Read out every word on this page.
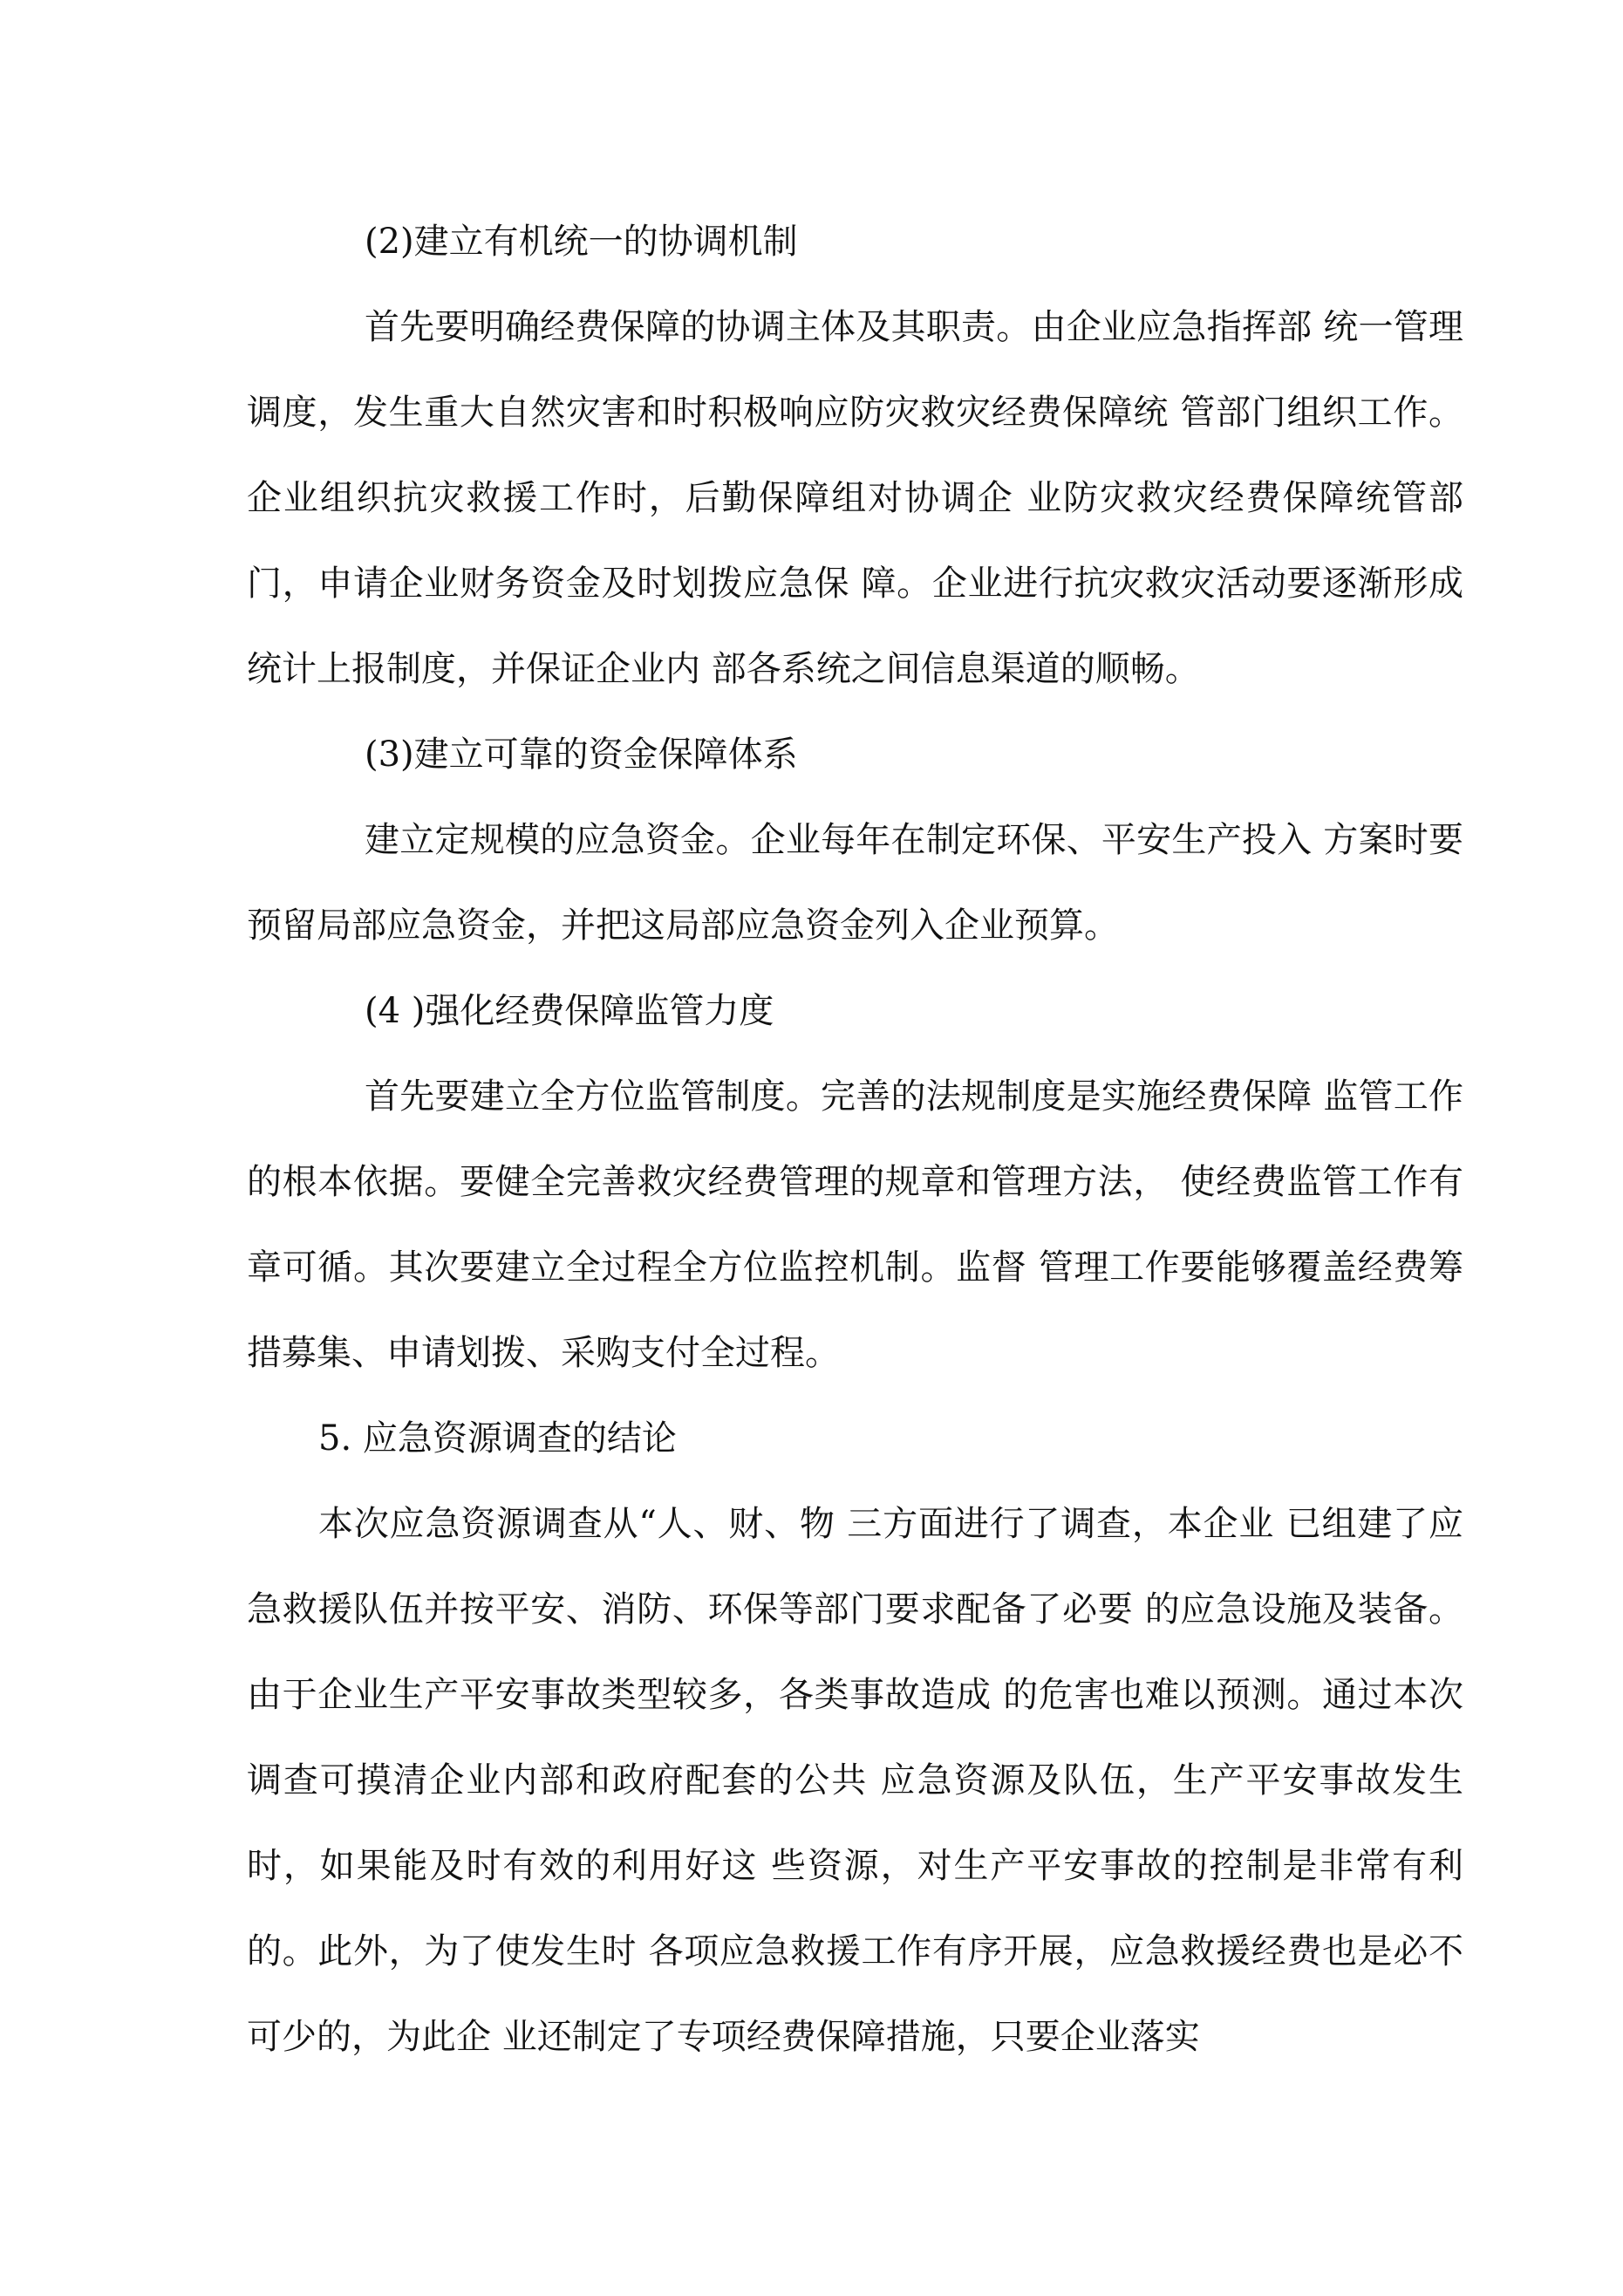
(2)建立有机统一的协调机制

首先要明确经费保障的协调主体及其职责。由企业应急指挥部 统一管理调度，发生重大自然灾害和时积极响应防灾救灾经费保障统 管部门组织工作。企业组织抗灾救援工作时，后勤保障组对协调企 业防灾救灾经费保障统管部门，申请企业财务资金及时划拨应急保 障。企业进行抗灾救灾活动要逐渐形成统计上报制度，并保证企业内 部各系统之间信息渠道的顺畅。

(3)建立可靠的资金保障体系

建立定规模的应急资金。企业每年在制定环保、平安生产投入 方案时要预留局部应急资金，并把这局部应急资金列入企业预算。

(4 )强化经费保障监管力度

首先要建立全方位监管制度。完善的法规制度是实施经费保障 监管工作的根本依据。要健全完善救灾经费管理的规章和管理方法， 使经费监管工作有章可循。其次要建立全过程全方位监控机制。监督 管理工作要能够覆盖经费筹措募集、申请划拨、采购支付全过程。

5. 应急资源调查的结论

本次应急资源调查从“人、财、物 三方面进行了调查，本企业 已组建了应急救援队伍并按平安、消防、环保等部门要求配备了必要 的应急设施及装备。由于企业生产平安事故类型较多，各类事故造成 的危害也难以预测。通过本次调查可摸清企业内部和政府配套的公共 应急资源及队伍，生产平安事故发生时，如果能及时有效的利用好这 些资源，对生产平安事故的控制是非常有利的。此外，为了使发生时 各项应急救援工作有序开展，应急救援经费也是必不可少的，为此企 业还制定了专项经费保障措施，只要企业落实
